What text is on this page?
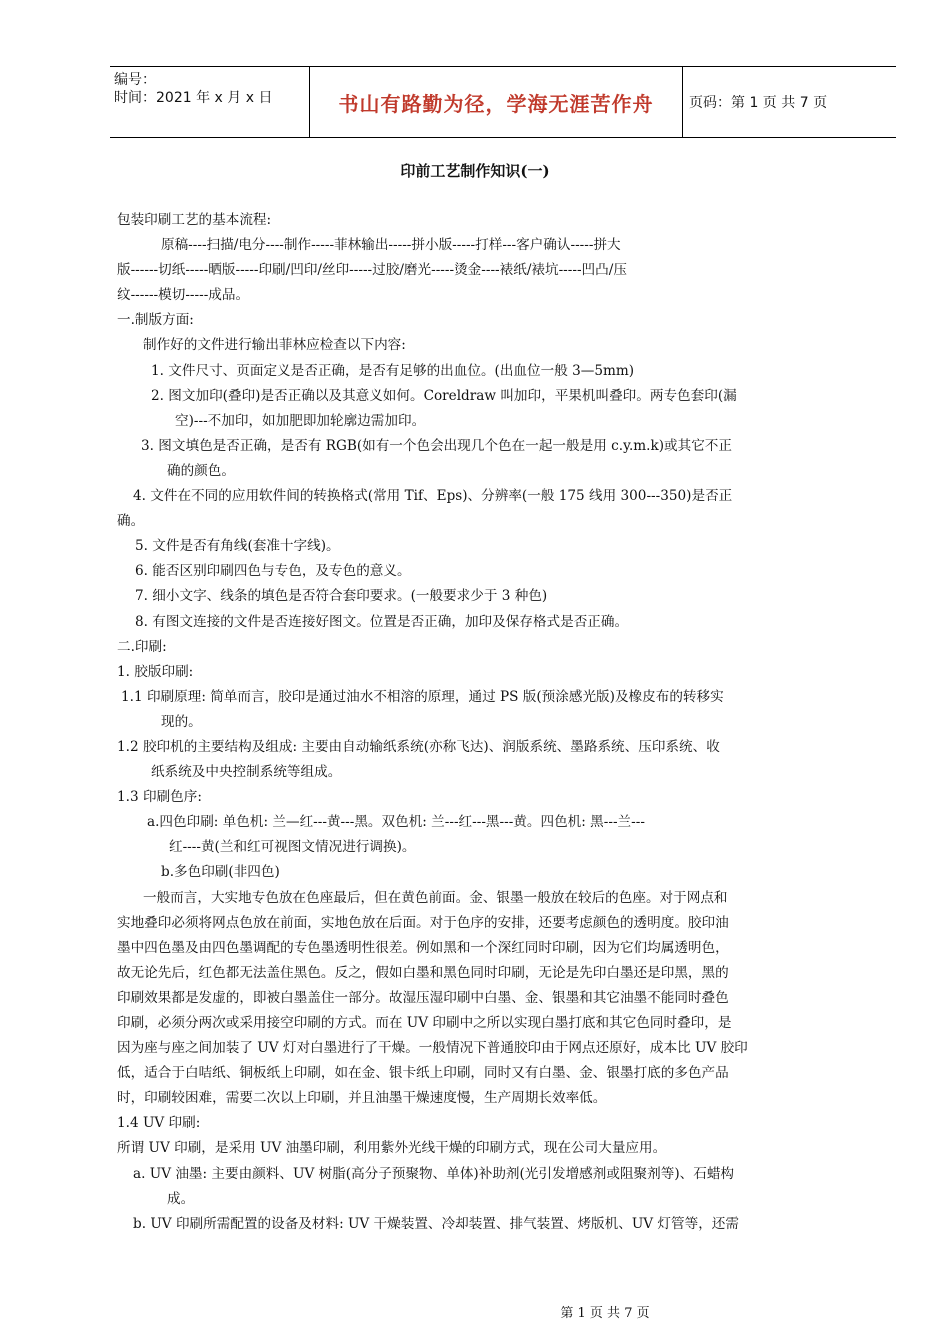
编号：
时间：2021 年 x 月 x 日	书山有路勤为径，学海无涯苦作舟	页码：第 1 页 共 7 页
印前工艺制作知识(一)

包装印刷工艺的基本流程:

原稿----扫描/电分----制作-----菲林输出-----拼小版-----打样---客户确认-----拼大

版------切纸-----晒版-----印刷/凹印/丝印-----过胶/磨光-----烫金----裱纸/裱坑-----凹凸/压

纹------模切-----成品。

一.制版方面:

制作好的文件进行输出菲林应检查以下内容:

1. 文件尺寸、页面定义是否正确，是否有足够的出血位。(出血位一般 3—5mm)

2. 图文加印(叠印)是否正确以及其意义如何。Coreldraw 叫加印，平果机叫叠印。两专色套印(漏

空)---不加印，如加肥即加轮廓边需加印。

3. 图文填色是否正确，是否有 RGB(如有一个色会出现几个色在一起一般是用 c.y.m.k)或其它不正

确的颜色。

4. 文件在不同的应用软件间的转换格式(常用 Tif、Eps)、分辨率(一般 175 线用 300---350)是否正

确。

5. 文件是否有角线(套准十字线)。

6. 能否区别印刷四色与专色，及专色的意义。

7. 细小文字、线条的填色是否符合套印要求。(一般要求少于 3 种色)

8. 有图文连接的文件是否连接好图文。位置是否正确，加印及保存格式是否正确。

二.印刷:

1. 胶版印刷:

1.1 印刷原理: 简单而言，胶印是通过油水不相溶的原理，通过 PS 版(预涂感光版)及橡皮布的转移实

现的。

1.2 胶印机的主要结构及组成: 主要由自动输纸系统(亦称飞达)、润版系统、墨路系统、压印系统、收

纸系统及中央控制系统等组成。

1.3 印刷色序:

a.四色印刷: 单色机: 兰—红---黄---黑。双色机: 兰---红---黑---黄。四色机: 黑---兰---

红----黄(兰和红可视图文情况进行调换)。

b.多色印刷(非四色)

一般而言，大实地专色放在色座最后，但在黄色前面。金、银墨一般放在较后的色座。对于网点和

实地叠印必须将网点色放在前面，实地色放在后面。对于色序的安排，还要考虑颜色的透明度。胶印油

墨中四色墨及由四色墨调配的专色墨透明性很差。例如黑和一个深红同时印刷，因为它们均属透明色，

故无论先后，红色都无法盖住黑色。反之，假如白墨和黑色同时印刷，无论是先印白墨还是印黑，黑的

印刷效果都是发虚的，即被白墨盖住一部分。故湿压湿印刷中白墨、金、银墨和其它油墨不能同时叠色

印刷，必须分两次或采用接空印刷的方式。而在 UV 印刷中之所以实现白墨打底和其它色同时叠印，是

因为座与座之间加装了 UV 灯对白墨进行了干燥。一般情况下普通胶印由于网点还原好，成本比 UV 胶印

低，适合于白咭纸、铜板纸上印刷，如在金、银卡纸上印刷，同时又有白墨、金、银墨打底的多色产品

时，印刷较困难，需要二次以上印刷，并且油墨干燥速度慢，生产周期长效率低。

1.4 UV 印刷:

所谓 UV 印刷，是采用 UV 油墨印刷，利用紫外光线干燥的印刷方式，现在公司大量应用。

a. UV 油墨: 主要由颜料、UV 树脂(高分子预聚物、单体)补助剂(光引发增感剂或阻聚剂等)、石蜡构

成。

b. UV 印刷所需配置的设备及材料: UV 干燥装置、冷却装置、排气装置、烤版机、UV 灯管等，还需

第 1 页 共 7 页
